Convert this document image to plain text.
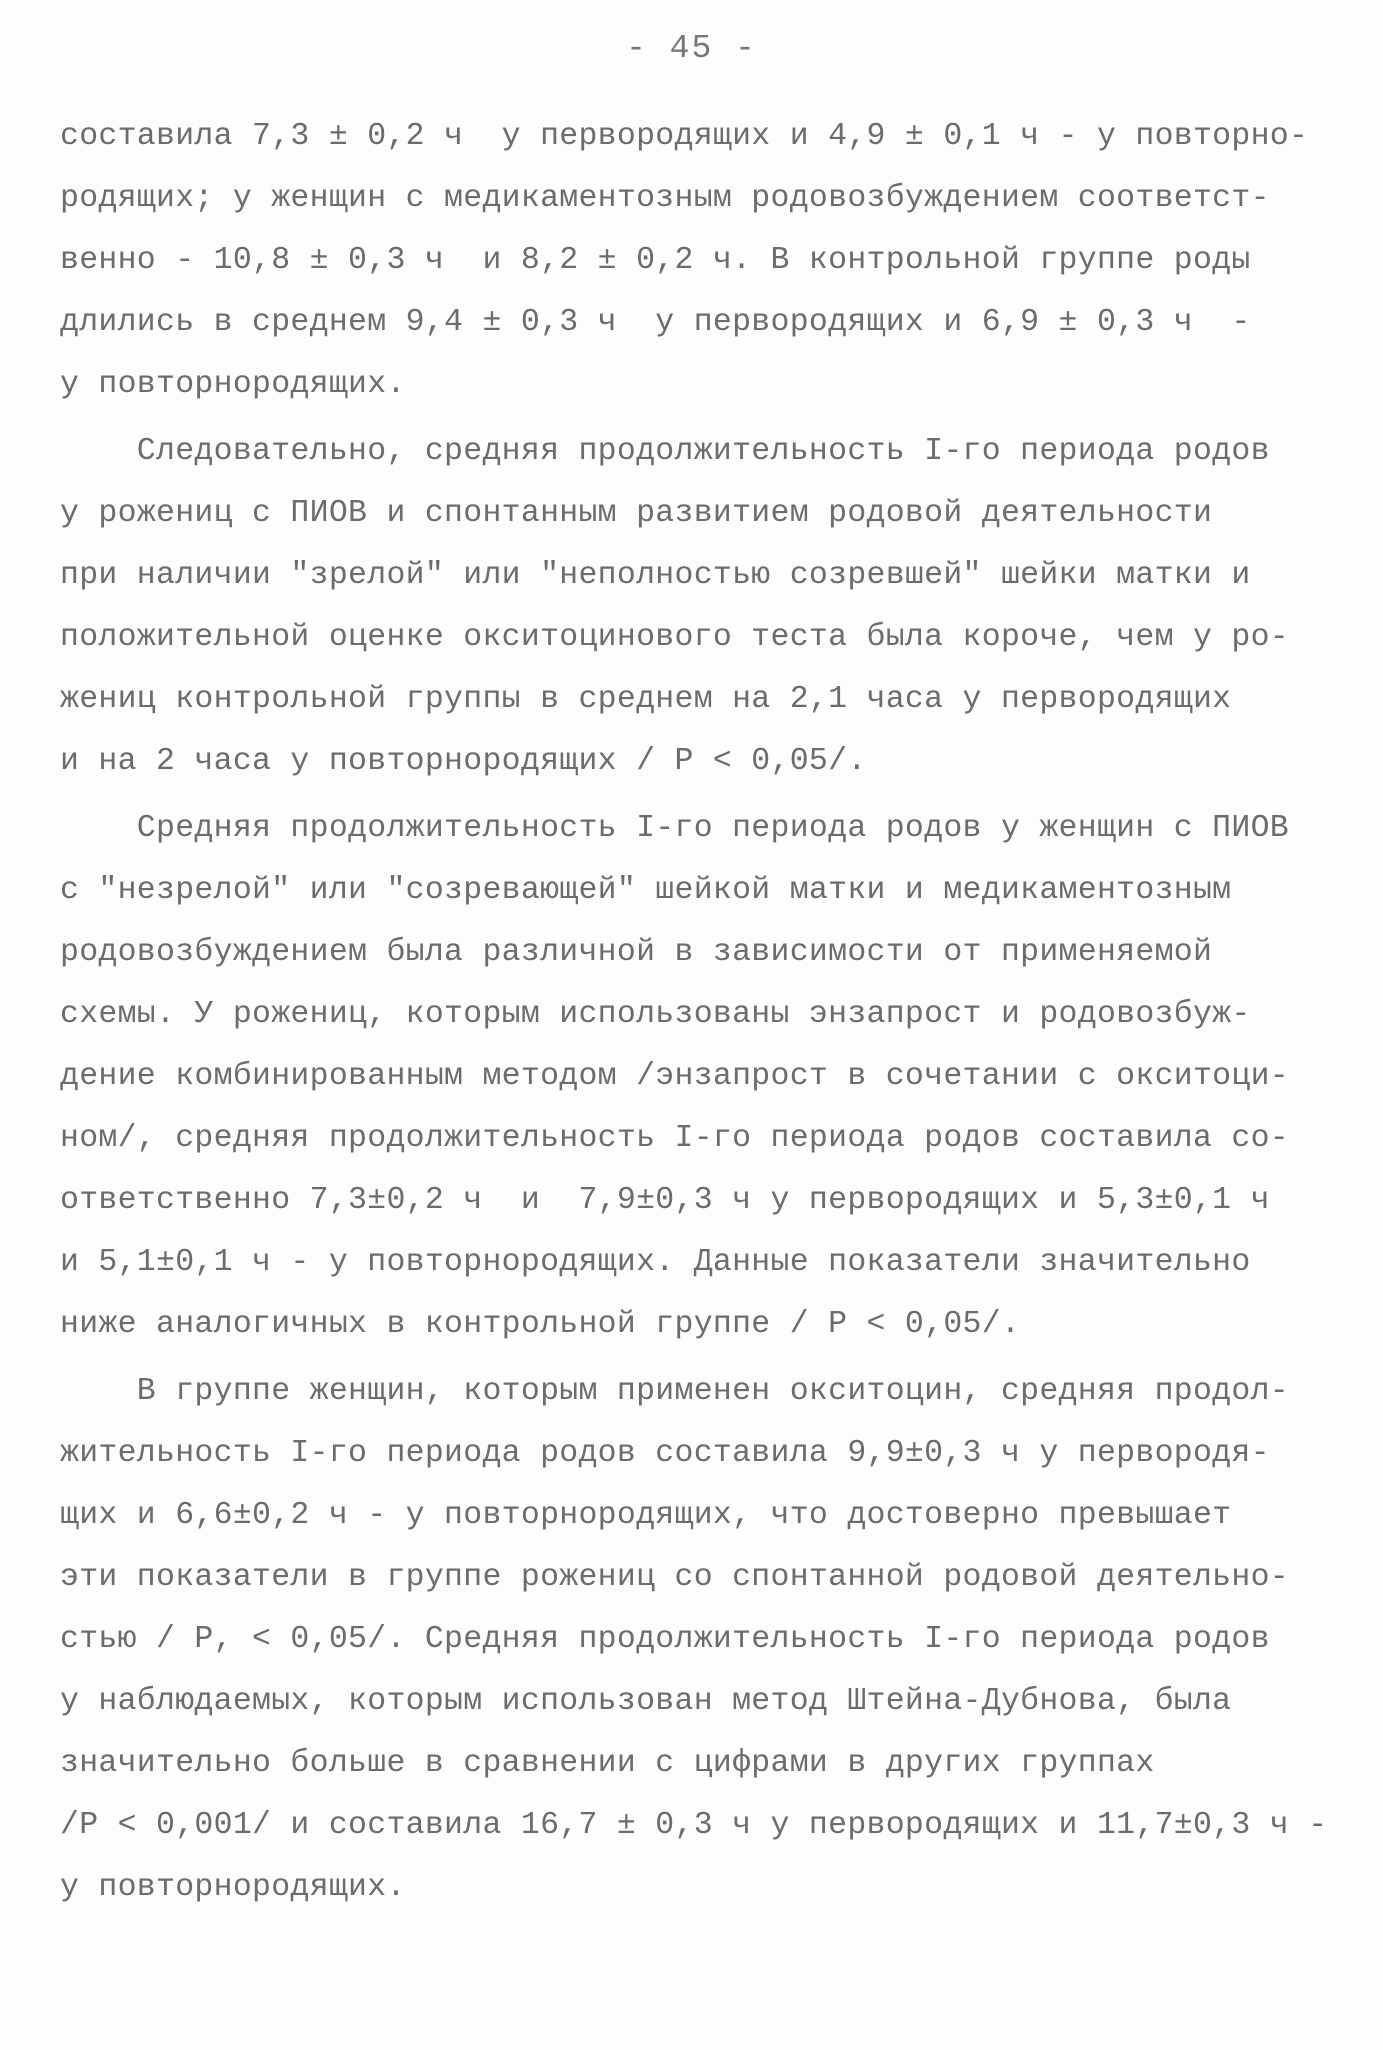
- 45 -

составила 7,3 ± 0,2 ч  у первородящих и 4,9 ± 0,1 ч - у повторно-

родящих; у женщин с медикаментозным родовозбуждением соответст-

венно - 10,8 ± 0,3 ч  и 8,2 ± 0,2 ч. В контрольной группе роды

длились в среднем 9,4 ± 0,3 ч  у первородящих и 6,9 ± 0,3 ч  -

у повторнородящих.

Следовательно, средняя продолжительность I-го периода родов

у рожениц с ПИОВ и спонтанным развитием родовой деятельности

при наличии "зрелой" или "неполностью созревшей" шейки матки и

положительной оценке окситоцинового теста была короче, чем у ро-

жениц контрольной группы в среднем на 2,1 часа у первородящих

и на 2 часа у повторнородящих / Р < 0,05/.

Средняя продолжительность I-го периода родов у женщин с ПИОВ

с "незрелой" или "созревающей" шейкой матки и медикаментозным

родовозбуждением была различной в зависимости от применяемой

схемы. У рожениц, которым использованы энзапрост и родовозбуж-

дение комбинированным методом /энзапрост в сочетании с окситоци-

ном/, средняя продолжительность I-го периода родов составила со-

ответственно 7,3±0,2 ч  и  7,9±0,3 ч у первородящих и 5,3±0,1 ч

и 5,1±0,1 ч - у повторнородящих. Данные показатели значительно

ниже аналогичных в контрольной группе / Р < 0,05/.

В группе женщин, которым применен окситоцин, средняя продол-

жительность I-го периода родов составила 9,9±0,3 ч у первородя-

щих и 6,6±0,2 ч - у повторнородящих, что достоверно превышает

эти показатели в группе рожениц со спонтанной родовой деятельно-

стью / Р, < 0,05/. Средняя продолжительность I-го периода родов

у наблюдаемых, которым использован метод Штейна-Дубнова, была

значительно больше в сравнении с цифрами в других группах

/Р < 0,001/ и составила 16,7 ± 0,3 ч у первородящих и 11,7±0,3 ч -

у повторнородящих.
